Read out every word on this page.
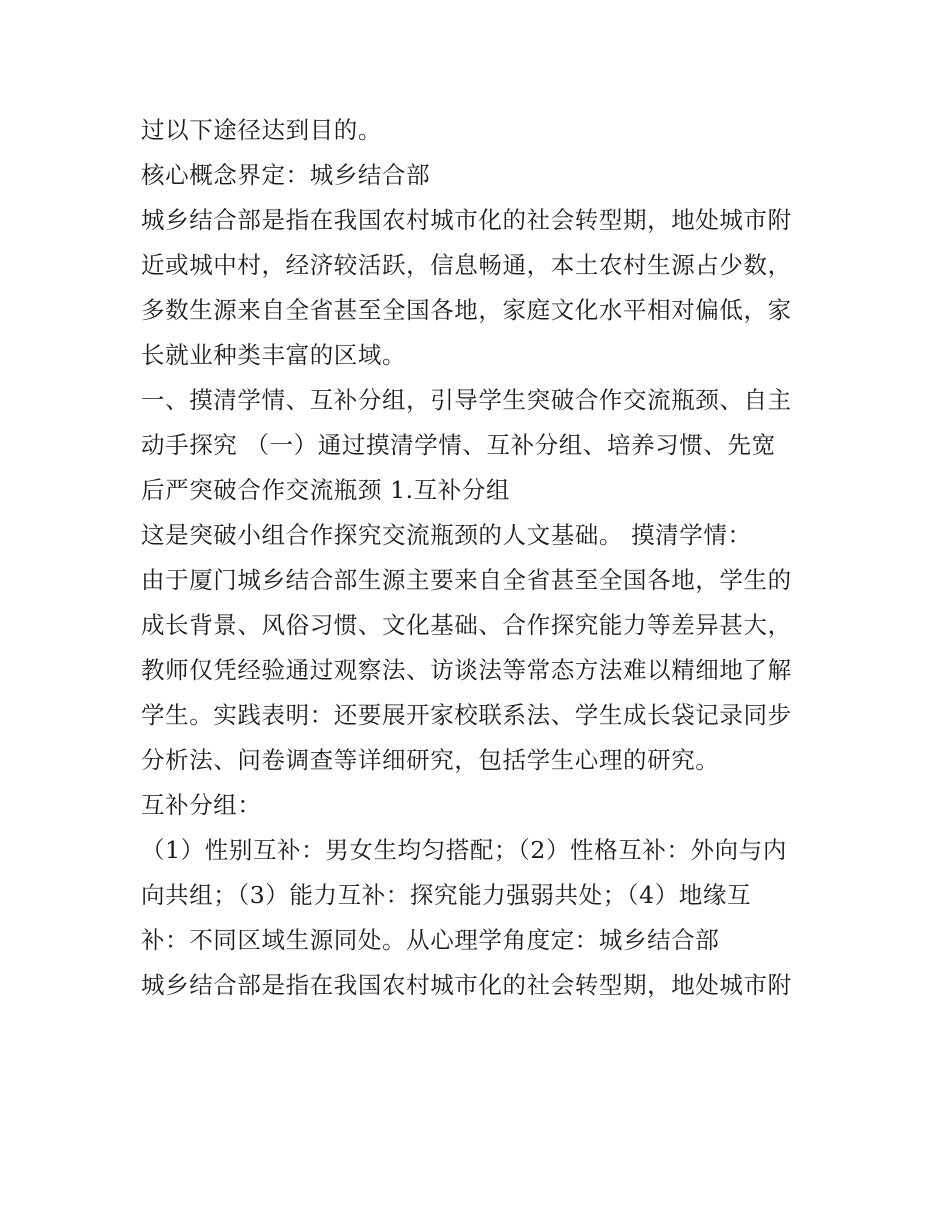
过以下途径达到目的。
核心概念界定：城乡结合部
城乡结合部是指在我国农村城市化的社会转型期，地处城市附
近或城中村，经济较活跃，信息畅通，本土农村生源占少数，
多数生源来自全省甚至全国各地，家庭文化水平相对偏低，家
长就业种类丰富的区域。
一、摸清学情、互补分组，引导学生突破合作交流瓶颈、自主
动手探究 （一）通过摸清学情、互补分组、培养习惯、先宽
后严突破合作交流瓶颈 1.互补分组
这是突破小组合作探究交流瓶颈的人文基础。 摸清学情：
由于厦门城乡结合部生源主要来自全省甚至全国各地，学生的
成长背景、风俗习惯、文化基础、合作探究能力等差异甚大，
教师仅凭经验通过观察法、访谈法等常态方法难以精细地了解
学生。实践表明：还要展开家校联系法、学生成长袋记录同步
分析法、问卷调查等详细研究，包括学生心理的研究。
互补分组：
（1）性别互补：男女生均匀搭配；（2）性格互补：外向与内
向共组；（3）能力互补：探究能力强弱共处；（4）地缘互
补：不同区域生源同处。从心理学角度定：城乡结合部
城乡结合部是指在我国农村城市化的社会转型期，地处城市附
